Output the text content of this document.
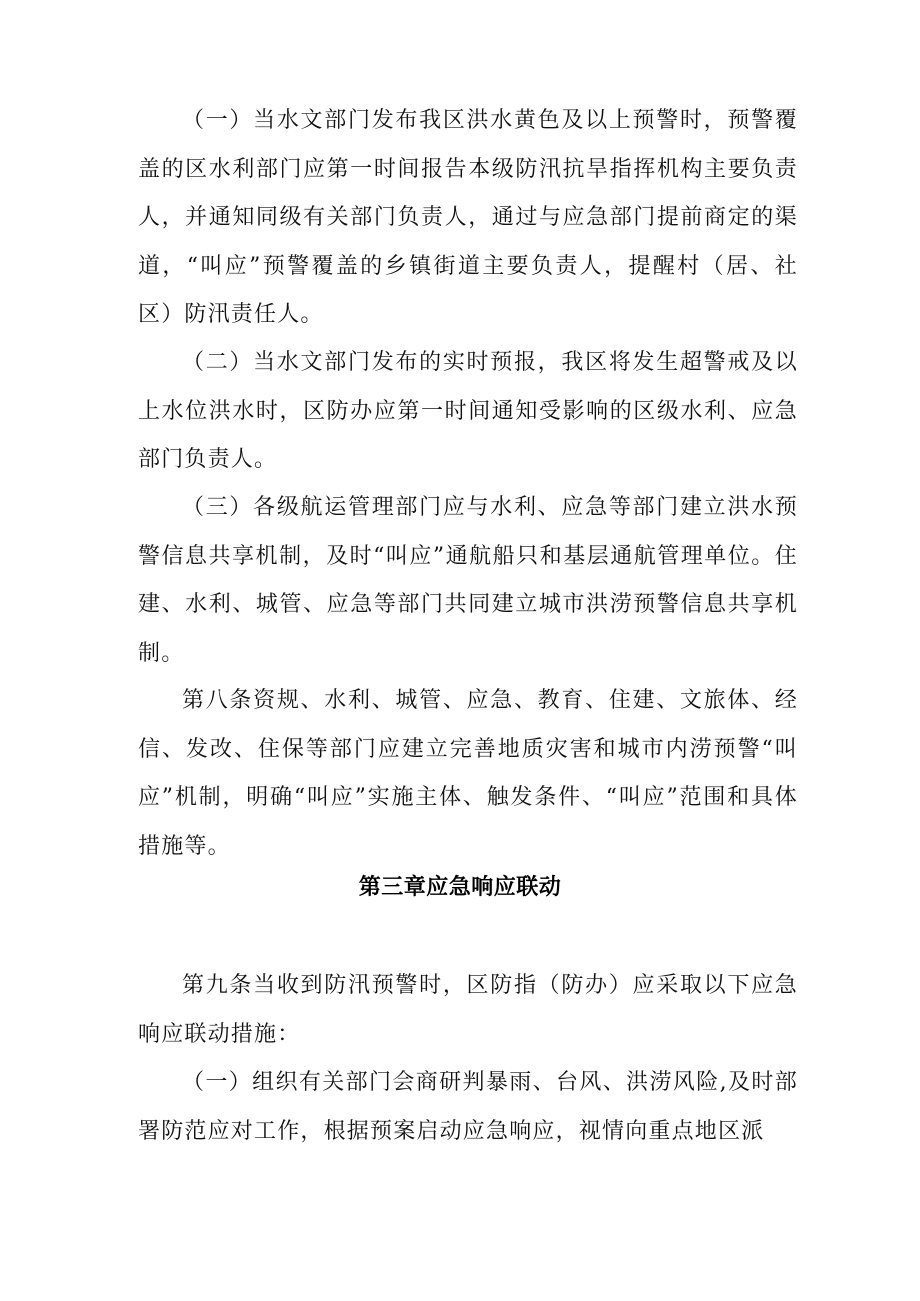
（一）当水文部门发布我区洪水黄色及以上预警时，预警覆盖的区水利部门应第一时间报告本级防汛抗旱指挥机构主要负责人，并通知同级有关部门负责人，通过与应急部门提前商定的渠道，“叫应”预警覆盖的乡镇街道主要负责人，提醒村（居、社区）防汛责任人。

（二）当水文部门发布的实时预报，我区将发生超警戒及以上水位洪水时，区防办应第一时间通知受影响的区级水利、应急部门负责人。

（三）各级航运管理部门应与水利、应急等部门建立洪水预警信息共享机制，及时“叫应”通航船只和基层通航管理单位。住建、水利、城管、应急等部门共同建立城市洪涝预警信息共享机制。

第八条资规、水利、城管、应急、教育、住建、文旅体、经信、发改、住保等部门应建立完善地质灾害和城市内涝预警“叫应”机制，明确“叫应”实施主体、触发条件、“叫应”范围和具体措施等。

第三章应急响应联动

第九条当收到防汛预警时，区防指（防办）应采取以下应急响应联动措施：

（一）组织有关部门会商研判暴雨、台风、洪涝风险,及时部署防范应对工作，根据预案启动应急响应，视情向重点地区派
